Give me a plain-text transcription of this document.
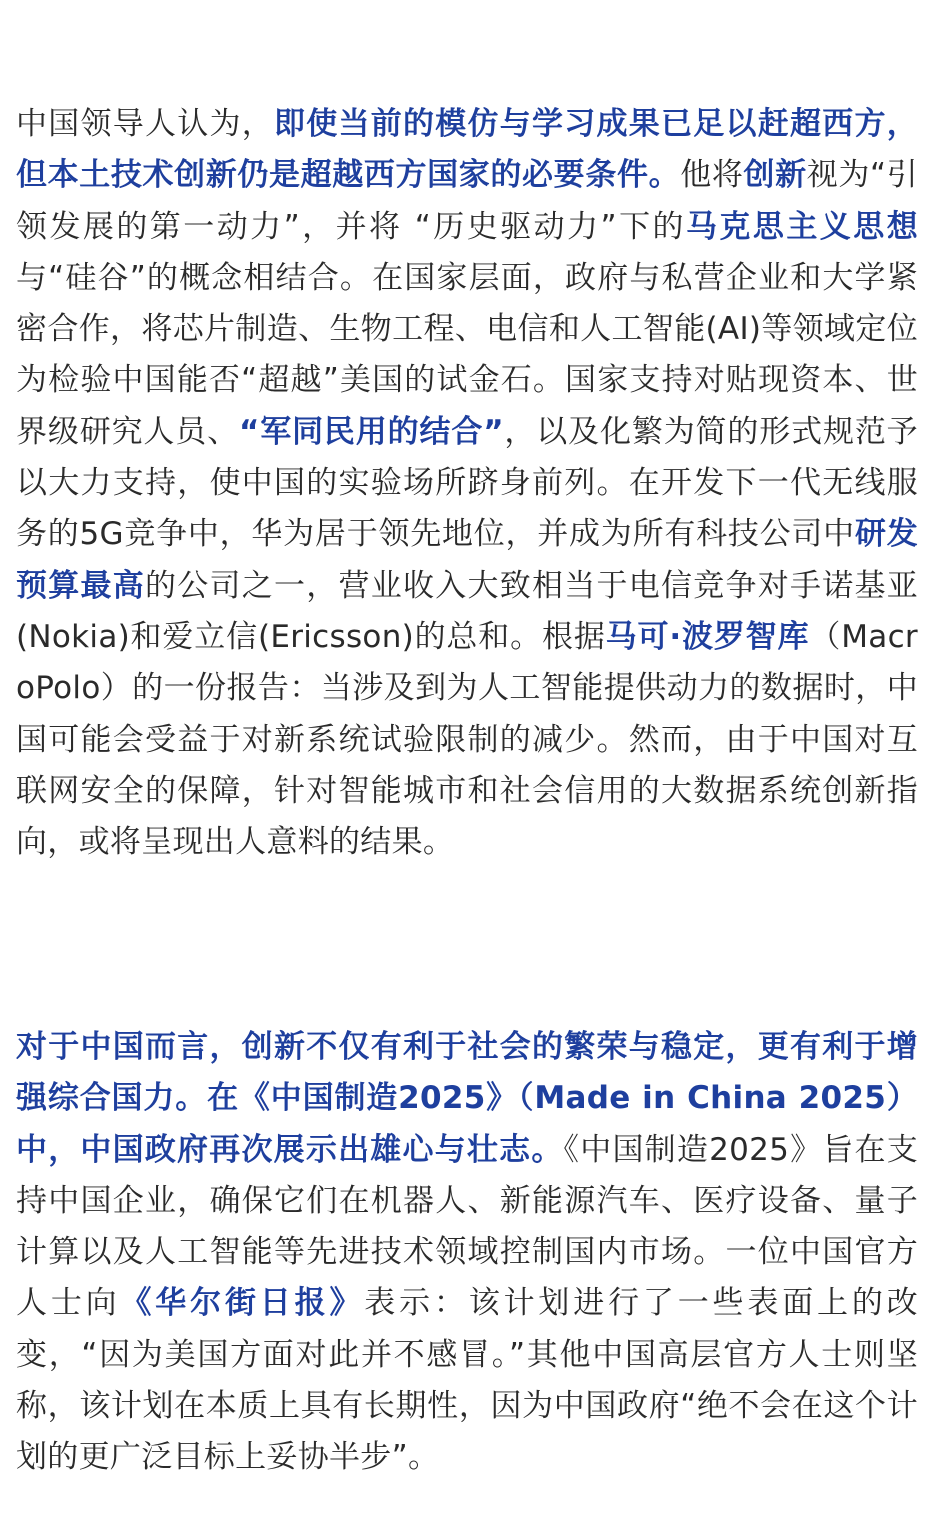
中国领导人认为，即使当前的模仿与学习成果已足以赶超西方，但本土技术创新仍是超越西方国家的必要条件。他将创新视为“引领发展的第一动力”，并将 “历史驱动力”下的马克思主义思想与“硅谷”的概念相结合。在国家层面，政府与私营企业和大学紧密合作，将芯片制造、生物工程、电信和人工智能(AI)等领域定位为检验中国能否“超越”美国的试金石。国家支持对贴现资本、世界级研究人员、“军同民用的结合”，以及化繁为简的形式规范予以大力支持，使中国的实验场所跻身前列。在开发下一代无线服务的5G竞争中，华为居于领先地位，并成为所有科技公司中研发预算最高的公司之一，营业收入大致相当于电信竞争对手诺基亚(Nokia)和爱立信(Ericsson)的总和。根据马可·波罗智库（MacroPolo）的一份报告：当涉及到为人工智能提供动力的数据时，中国可能会受益于对新系统试验限制的减少。然而，由于中国对互联网安全的保障，针对智能城市和社会信用的大数据系统创新指向，或将呈现出人意料的结果。

对于中国而言，创新不仅有利于社会的繁荣与稳定，更有利于增强综合国力。在《中国制造2025》（Made in China 2025）中，中国政府再次展示出雄心与壮志。《中国制造2025》旨在支持中国企业，确保它们在机器人、新能源汽车、医疗设备、量子计算以及人工智能等先进技术领域控制国内市场。一位中国官方人士向《华尔街日报》表示：该计划进行了一些表面上的改变，“因为美国方面对此并不感冒。”其他中国高层官方人士则坚称，该计划在本质上具有长期性，因为中国政府“绝不会在这个计划的更广泛目标上妥协半步”。
